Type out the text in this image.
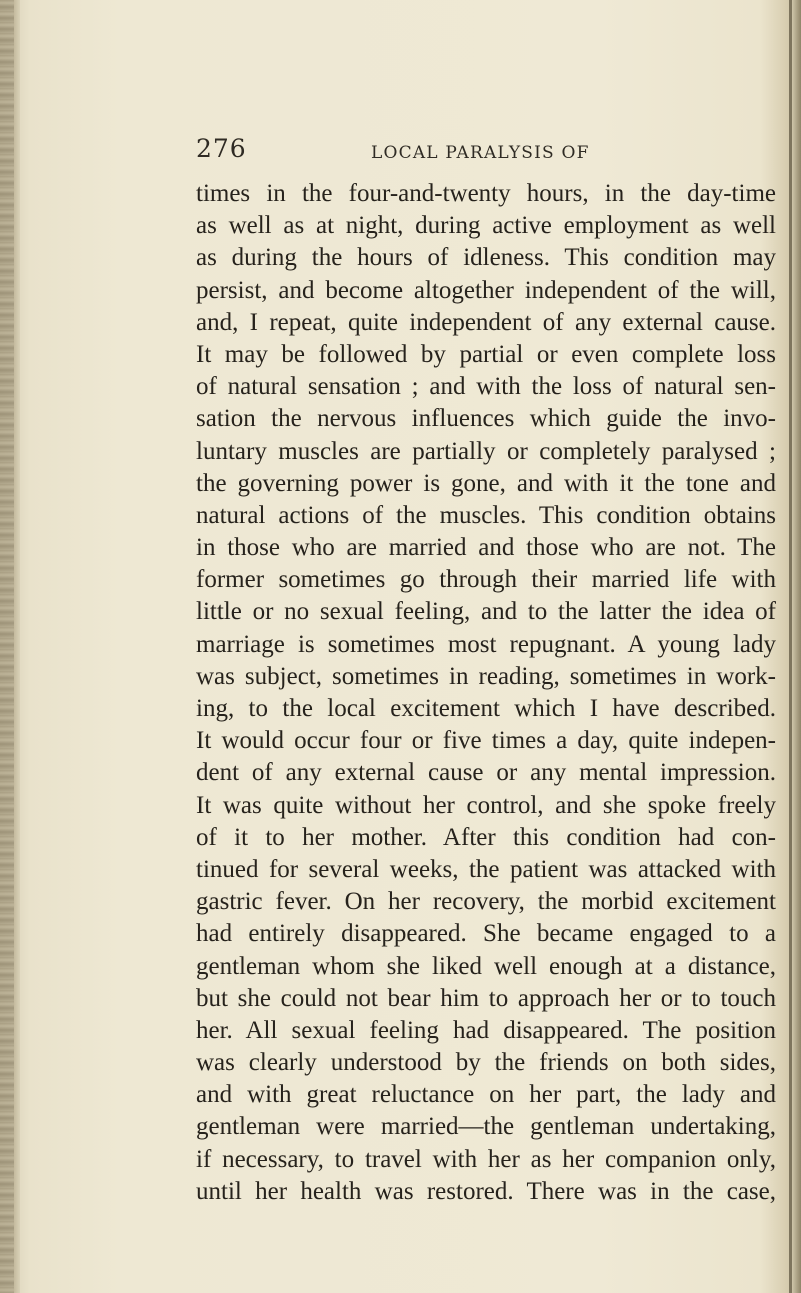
276	LOCAL PARALYSIS OF
times in the four-and-twenty hours, in the day-time
as well as at night, during active employment as well
as during the hours of idleness. This condition may
persist, and become altogether independent of the will,
and, I repeat, quite independent of any external cause.
It may be followed by partial or even complete loss
of natural sensation ; and with the loss of natural sen-
sation the nervous influences which guide the invo-
luntary muscles are partially or completely paralysed ;
the governing power is gone, and with it the tone and
natural actions of the muscles. This condition obtains
in those who are married and those who are not. The
former sometimes go through their married life with
little or no sexual feeling, and to the latter the idea of
marriage is sometimes most repugnant. A young lady
was subject, sometimes in reading, sometimes in work-
ing, to the local excitement which I have described.
It would occur four or five times a day, quite indepen-
dent of any external cause or any mental impression.
It was quite without her control, and she spoke freely
of it to her mother. After this condition had con-
tinued for several weeks, the patient was attacked with
gastric fever. On her recovery, the morbid excitement
had entirely disappeared. She became engaged to a
gentleman whom she liked well enough at a distance,
but she could not bear him to approach her or to touch
her. All sexual feeling had disappeared. The position
was clearly understood by the friends on both sides,
and with great reluctance on her part, the lady and
gentleman were married—the gentleman undertaking,
if necessary, to travel with her as her companion only,
until her health was restored. There was in the case,
